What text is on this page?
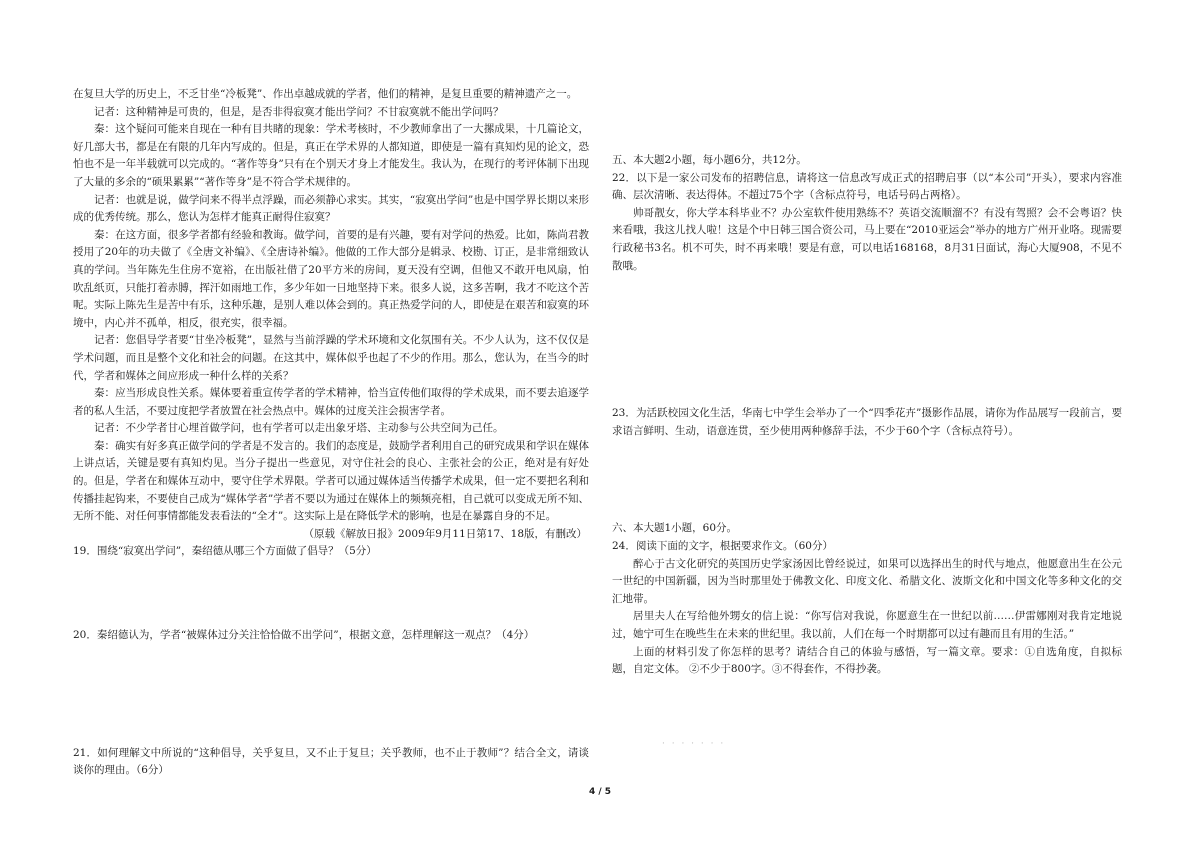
在复旦大学的历史上，不乏甘坐“冷板凳”、作出卓越成就的学者，他们的精神，是复旦重要的精神遗产之一。

记者：这种精神是可贵的，但是，是否非得寂寞才能出学问？不甘寂寞就不能出学问吗？

秦：这个疑问可能来自现在一种有目共睹的现象：学术考核时，不少教师拿出了一大摞成果，十几篇论文，好几部大书，都是在有限的几年内写成的。但是，真正在学术界的人都知道，即使是一篇有真知灼见的论文，恐怕也不是一年半载就可以完成的。“著作等身”只有在个别天才身上才能发生。我认为，在现行的考评体制下出现了大量的多余的“硕果累累”“著作等身”是不符合学术规律的。

记者：也就是说，做学问来不得半点浮躁，而必须静心求实。其实，“寂寞出学问”也是中国学界长期以来形成的优秀传统。那么，您认为怎样才能真正耐得住寂寞？

秦：在这方面，很多学者都有经验和教诲。做学问，首要的是有兴趣，要有对学问的热爱。比如，陈尚君教授用了20年的功夫做了《全唐文补编》、《全唐诗补编》。他做的工作大部分是辑录、校勘、订正，是非常细致认真的学问。当年陈先生住房不宽裕，在出版社借了20平方米的房间，夏天没有空调，但他又不敢开电风扇，怕吹乱纸页，只能打着赤膊，挥汗如雨地工作，多少年如一日地坚持下来。很多人说，这多苦啊，我才不吃这个苦呢。实际上陈先生是苦中有乐，这种乐趣，是别人难以体会到的。真正热爱学问的人，即使是在艰苦和寂寞的环境中，内心并不孤单，相反，很充实，很幸福。

记者：您倡导学者要“甘坐冷板凳”，显然与当前浮躁的学术环境和文化氛围有关。不少人认为，这不仅仅是学术问题，而且是整个文化和社会的问题。在这其中，媒体似乎也起了不少的作用。那么，您认为，在当今的时代，学者和媒体之间应形成一种什么样的关系？

秦：应当形成良性关系。媒体要着重宣传学者的学术精神，恰当宣传他们取得的学术成果，而不要去追逐学者的私人生活，不要过度把学者放置在社会热点中。媒体的过度关注会损害学者。

记者：不少学者甘心埋首做学问，也有学者可以走出象牙塔、主动参与公共空间为己任。

秦：确实有好多真正做学问的学者是不发言的。我们的态度是，鼓励学者利用自己的研究成果和学识在媒体上讲点话，关键是要有真知灼见。当分子提出一些意见，对守住社会的良心、主张社会的公正，绝对是有好处的。但是，学者在和媒体互动中，要守住学术界限。学者可以通过媒体适当传播学术成果，但一定不要把名利和传播挂起钩来，不要使自己成为“媒体学者”学者不要以为通过在媒体上的频频亮相，自己就可以变成无所不知、无所不能、对任何事情都能发表看法的“全才”。这实际上是在降低学术的影响，也是在暴露自身的不足。

（原载《解放日报》2009年9月11日第17、18版，有删改）

19．围绕“寂寞出学问”，秦绍德从哪三个方面做了倡导？（5分）

20．秦绍德认为，学者“被媒体过分关注恰恰做不出学问”，根据文意，怎样理解这一观点？（4分）

21．如何理解文中所说的“这种倡导，关乎复旦，又不止于复旦；关乎教师，也不止于教师”？结合全文，请谈谈你的理由。（6分）

五、本大题2小题，每小题6分，共12分。

22．以下是一家公司发布的招聘信息，请将这一信息改写成正式的招聘启事（以“本公司”开头），要求内容准确、层次清晰、表达得体。不超过75个字（含标点符号，电话号码占两格）。

帅哥靓女，你大学本科毕业不？办公室软件使用熟练不？英语交流顺溜不？有没有驾照？会不会粤语？快来看哦，我这儿找人啦！这是个中日韩三国合资公司，马上要在“2010亚运会”举办的地方广州开业咯。现需要行政秘书3名。机不可失，时不再来哦！要是有意，可以电话168168，8月31日面试，海心大厦908，不见不散哦。

23．为活跃校园文化生活，华南七中学生会举办了一个“四季花卉”摄影作品展，请你为作品展写一段前言，要求语言鲜明、生动，语意连贯，至少使用两种修辞手法，不少于60个字（含标点符号）。

六、本大题1小题，60分。

24．阅读下面的文字，根据要求作文。（60分）

醉心于古文化研究的英国历史学家汤因比曾经说过，如果可以选择出生的时代与地点，他愿意出生在公元一世纪的中国新疆，因为当时那里处于佛教文化、印度文化、希腊文化、波斯文化和中国文化等多种文化的交汇地带。

居里夫人在写给他外甥女的信上说：“你写信对我说，你愿意生在一世纪以前……伊雷娜刚对我肯定地说过，她宁可生在晚些生在未来的世纪里。我以前，人们在每一个时期都可以过有趣而且有用的生活。”

上面的材料引发了你怎样的思考？请结合自己的体验与感悟，写一篇文章。要求：①自选角度，自拟标题，自定文体。 ②不少于800字。③不得套作，不得抄袭。

· · · · · · ·
4 / 5
